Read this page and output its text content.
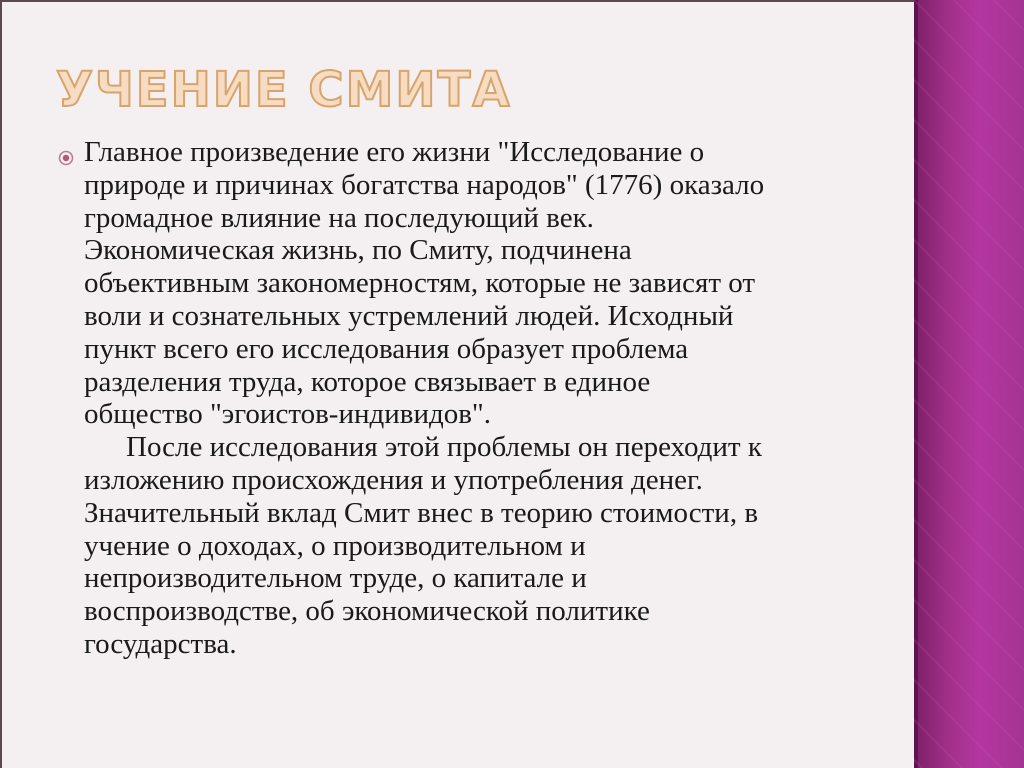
УЧЕНИЕ СМИТА

Главное произведение его жизни "Исследование о
природе и причинах богатства народов" (1776) оказало
громадное влияние на последующий век.
Экономическая жизнь, по Смиту, подчинена
объективным закономерностям, которые не зависят от
воли и сознательных устремлений людей. Исходный
пункт всего его исследования образует проблема
разделения труда, которое связывает в единое
общество "эгоистов-индивидов".
После исследования этой проблемы он переходит к
изложению происхождения и употребления денег.
Значительный вклад Смит внес в теорию стоимости, в
учение о доходах, о производительном и
непроизводительном труде, о капитале и
воспроизводстве, об экономической политике
государства.
